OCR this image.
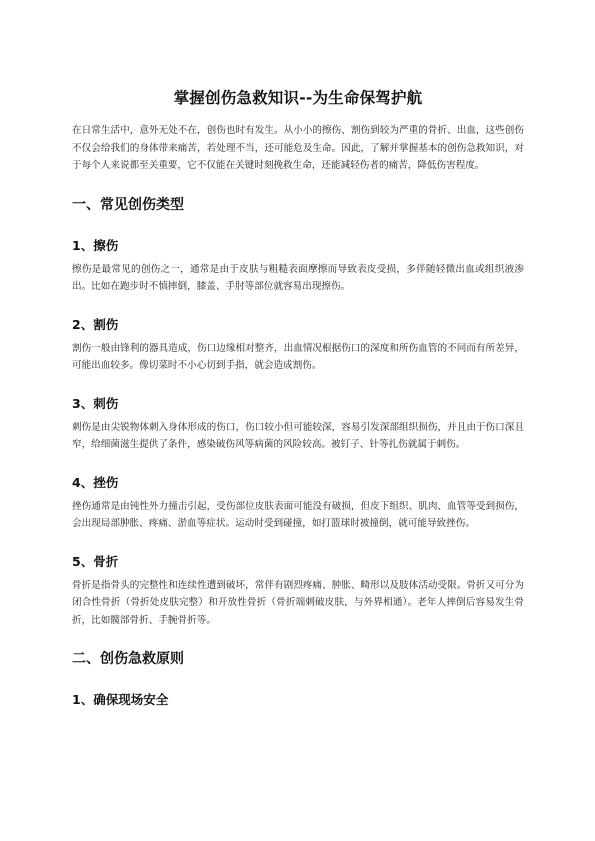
掌握创伤急救知识--为生命保驾护航

在日常生活中，意外无处不在，创伤也时有发生。从小小的擦伤、割伤到较为严重的骨折、出血，这些创伤不仅会给我们的身体带来痛苦，若处理不当，还可能危及生命。因此，了解并掌握基本的创伤急救知识，对于每个人来说都至关重要，它不仅能在关键时刻挽救生命，还能减轻伤者的痛苦，降低伤害程度。

一、常见创伤类型
1、擦伤

擦伤是最常见的创伤之一，通常是由于皮肤与粗糙表面摩擦而导致表皮受损，多伴随轻微出血或组织液渗出。比如在跑步时不慎摔倒，膝盖、手肘等部位就容易出现擦伤。

2、割伤

割伤一般由锋利的器具造成，伤口边缘相对整齐，出血情况根据伤口的深度和所伤血管的不同而有所差异，可能出血较多。像切菜时不小心切到手指，就会造成割伤。

3、刺伤

刺伤是由尖锐物体刺入身体形成的伤口，伤口较小但可能较深，容易引发深部组织损伤，并且由于伤口深且窄，给细菌滋生提供了条件，感染破伤风等病菌的风险较高。被钉子、针等扎伤就属于刺伤。

4、挫伤

挫伤通常是由钝性外力撞击引起，受伤部位皮肤表面可能没有破损，但皮下组织、肌肉、血管等受到损伤，会出现局部肿胀、疼痛、淤血等症状。运动时受到碰撞，如打篮球时被撞倒，就可能导致挫伤。

5、骨折

骨折是指骨头的完整性和连续性遭到破坏，常伴有剧烈疼痛、肿胀、畸形以及肢体活动受限。骨折又可分为闭合性骨折（骨折处皮肤完整）和开放性骨折（骨折端刺破皮肤，与外界相通）。老年人摔倒后容易发生骨折，比如髋部骨折、手腕骨折等。

二、创伤急救原则
1、确保现场安全
